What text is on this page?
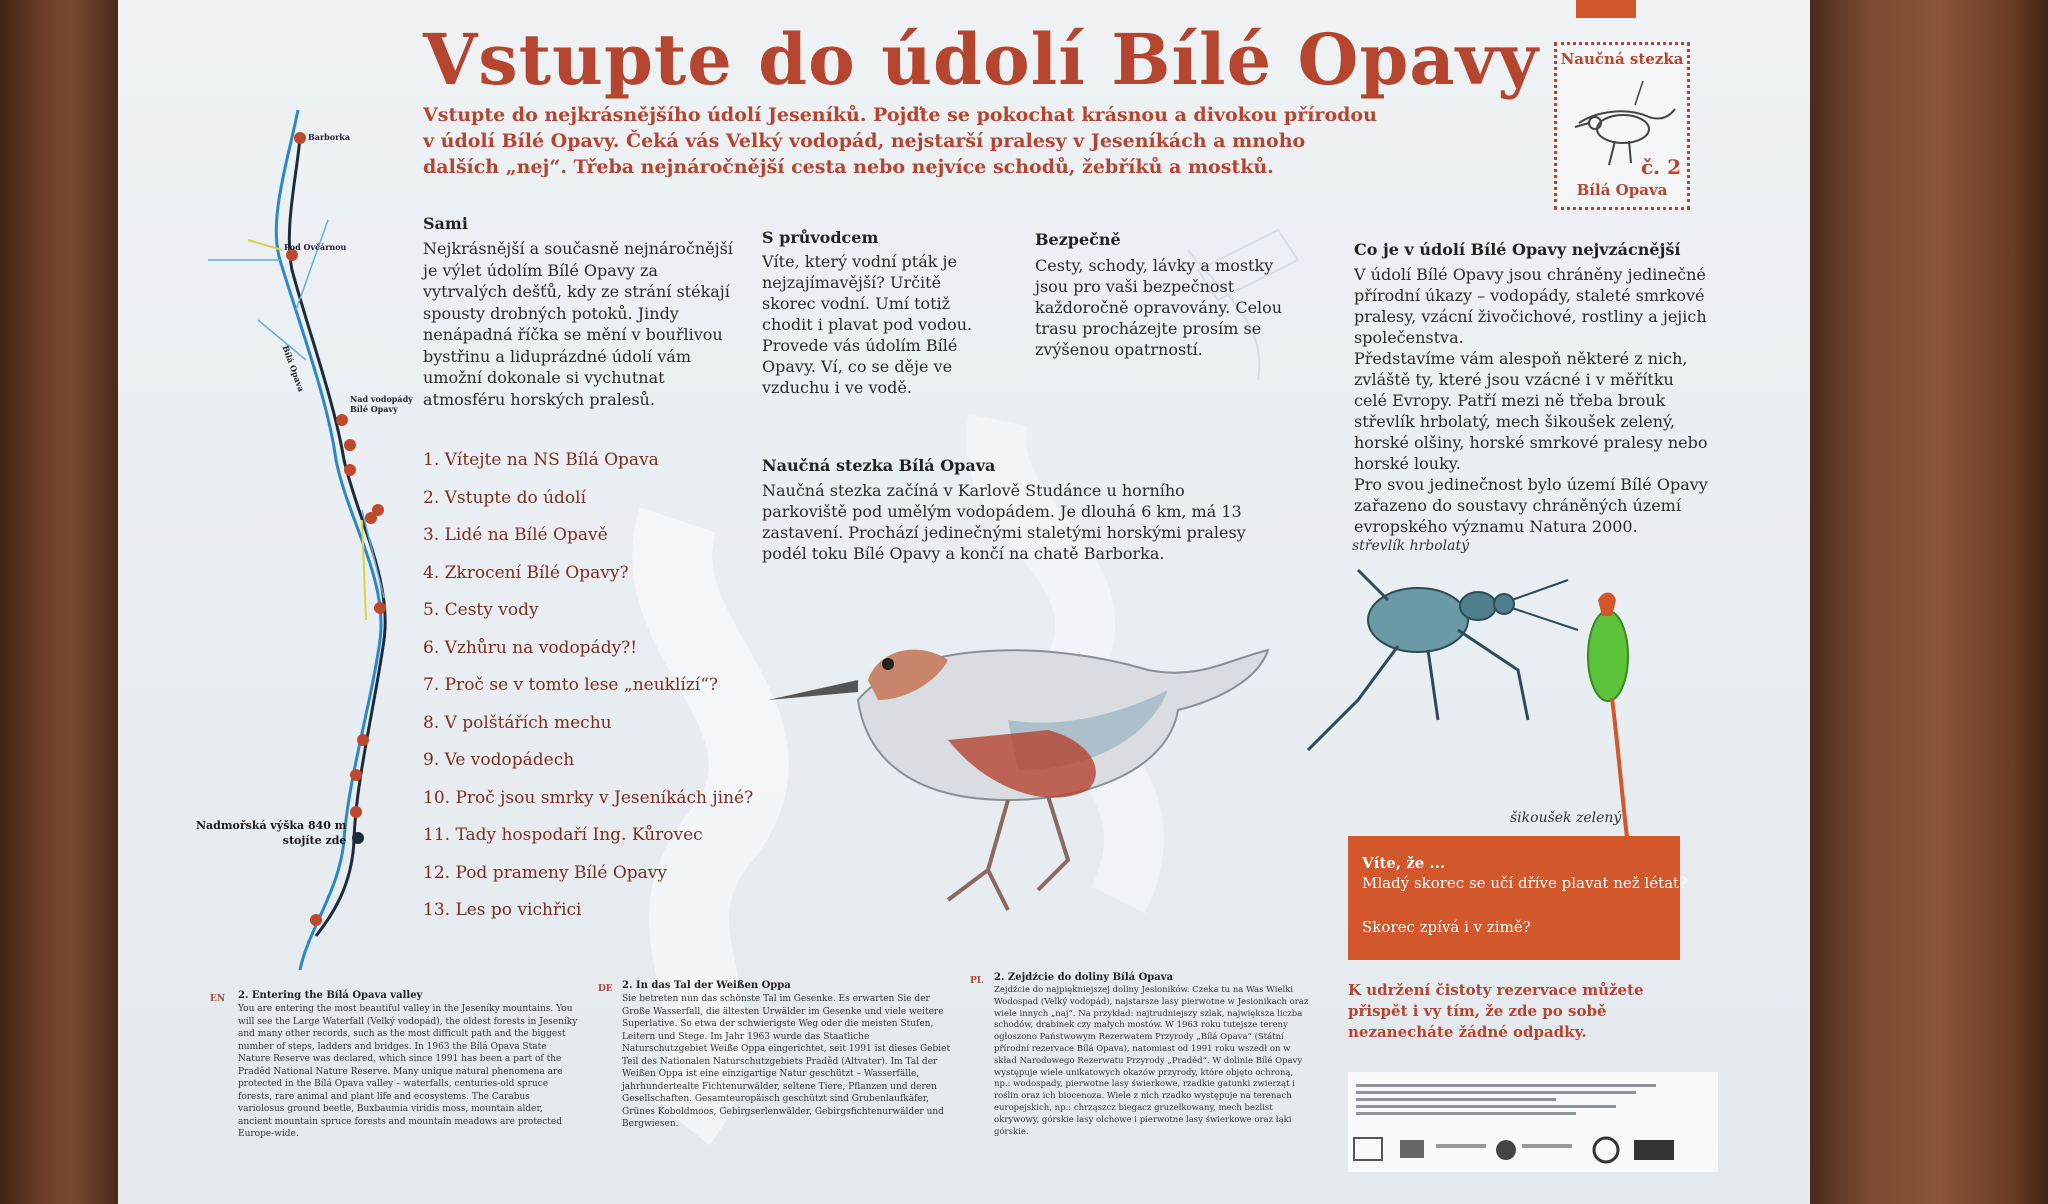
Vstupte do údolí Bílé Opavy

Vstupte do nejkrásnějšího údolí Jeseníků. Pojďte se pokochat krásnou a divokou přírodou v údolí Bílé Opavy. Čeká vás Velký vodopád, nejstarší pralesy v Jeseníkách a mnoho dalších „nej“. Třeba nejnáročnější cesta nebo nejvíce schodů, žebříků a mostků.

Naučná stezka
č. 2
Bílá Opava
Sami

Nejkrásnější a současně nejnáročnější je výlet údolím Bílé Opavy za vytrvalých dešťů, kdy ze strání stékají spousty drobných potoků. Jindy nenápadná říčka se mění v bouřlivou bystřinu a liduprázdné údolí vám umožní dokonale si vychutnat atmosféru horských pralesů.

S průvodcem

Víte, který vodní pták je nejzajímavější? Určitě skorec vodní. Umí totiž chodit i plavat pod vodou. Provede vás údolím Bílé Opavy. Ví, co se děje ve vzduchu i ve vodě.

Bezpečně

Cesty, schody, lávky a mostky jsou pro vaši bezpečnost každoročně opravovány. Celou trasu procházejte prosím se zvýšenou opatrností.

Co je v údolí Bílé Opavy nejvzácnější

V údolí Bílé Opavy jsou chráněny jedinečné přírodní úkazy – vodopády, staleté smrkové pralesy, vzácní živočichové, rostliny a jejich společenstva.

Představíme vám alespoň některé z nich, zvláště ty, které jsou vzácné i v měřítku celé Evropy. Patří mezi ně třeba brouk střevlík hrbolatý, mech šikoušek zelený, horské olšiny, horské smrkové pralesy nebo horské louky.

Pro svou jedinečnost bylo území Bílé Opavy zařazeno do soustavy chráněných území evropského významu Natura 2000.

Naučná stezka Bílá Opava

Naučná stezka začíná v Karlově Studánce u horního parkoviště pod umělým vodopádem. Je dlouhá 6 km, má 13 zastavení. Prochází jedinečnými staletými horskými pralesy podél toku Bílé Opavy a končí na chatě Barborka.

1. Vítejte na NS Bílá Opava
2. Vstupte do údolí
3. Lidé na Bílé Opavě
4. Zkrocení Bílé Opavy?
5. Cesty vody
6. Vzhůru na vodopády?!
7. Proč se v tomto lese „neuklízí“?
8. V polštářích mechu
9. Ve vodopádech
10. Proč jsou smrky v Jeseníkách jiné?
11. Tady hospodaří Ing. Kůrovec
12. Pod prameny Bílé Opavy
13. Les po vichřici
Barborka
Pod Ovčárnou
Bílá Opava
Nad vodopády
Bílé Opavy
Nadmořská výška 840 m
stojíte zde
střevlík hrbolatý
šikoušek zelený
Víte, že ...
Mladý skorec se učí dříve plavat než létat?
Skorec zpívá i v zimě?

K udržení čistoty rezervace můžete přispět i vy tím, že zde po sobě nezanecháte žádné odpadky.

EN 2. Entering the Bílá Opava valley

You are entering the most beautiful valley in the Jeseníky mountains. You will see the Large Waterfall (Velký vodopád), the oldest forests in Jeseníky and many other records, such as the most difficult path and the biggest number of steps, ladders and bridges. In 1963 the Bílá Opava State Nature Reserve was declared, which since 1991 has been a part of the Praděd National Nature Reserve. Many unique natural phenomena are protected in the Bílá Opava valley – waterfalls, centuries-old spruce forests, rare animal and plant life and ecosystems. The Carabus variolosus ground beetle, Buxbaumia viridis moss, mountain alder, ancient mountain spruce forests and mountain meadows are protected Europe-wide.

DE 2. In das Tal der Weißen Oppa

Sie betreten nun das schönste Tal im Gesenke. Es erwarten Sie der Große Wasserfall, die ältesten Urwälder im Gesenke und viele weitere Superlative. So etwa der schwierigste Weg oder die meisten Stufen, Leitern und Stege. Im Jahr 1963 wurde das Staatliche Naturschutzgebiet Weiße Oppa eingerichtet, seit 1991 ist dieses Gebiet Teil des Nationalen Naturschutzgebiets Praděd (Altvater). Im Tal der Weißen Oppa ist eine einzigartige Natur geschützt – Wasserfälle, jahrhundertealte Fichtenurwälder, seltene Tiere, Pflanzen und deren Gesellschaften. Gesamteuropäisch geschützt sind Grubenlaufkäfer, Grünes Koboldmoos, Gebirgserlenwälder, Gebirgsfichtenurwälder und Bergwiesen.

PL 2. Zejdźcie do doliny Bílá Opava

Zejdźcie do najpiękniejszej doliny Jesioników. Czeka tu na Was Wielki Wodospad (Velký vodopád), najstarsze lasy pierwotne w Jesionikach oraz wiele innych „naj“. Na przykład: najtrudniejszy szlak, największa liczba schodów, drabinek czy małych mostów. W 1963 roku tutejsze tereny ogłoszono Państwowym Rezerwatem Przyrody „Bílá Opava“ (Státní přírodní rezervace Bílá Opava), natomiast od 1991 roku wszedł on w skład Narodowego Rezerwatu Przyrody „Praděd“. W dolinie Bílé Opavy występuje wiele unikatowych okazów przyrody, które objęto ochroną, np.: wodospady, pierwotne lasy świerkowe, rzadkie gatunki zwierząt i roślin oraz ich biocenoza. Wiele z nich rzadko występuje na terenach europejskich, np.: chrząszcz biegacz gruzełkowany, mech bezlist okrywowy, górskie lasy olchowe i pierwotne lasy świerkowe oraz łąki górskie.
